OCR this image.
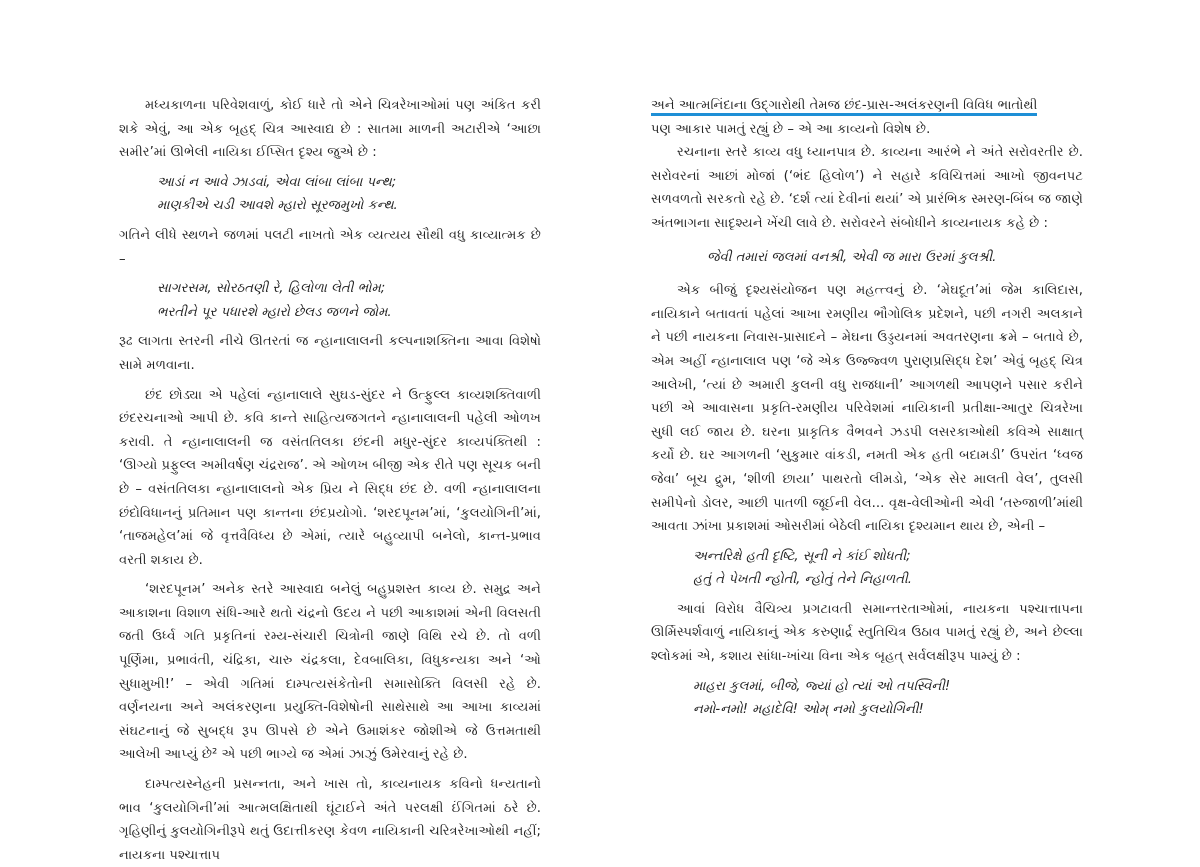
મધ્યકાળના પરિવેશવાળું, કોઈ ધારે તો એને ચિત્રરેખાઓમાં પણ અંકિત કરી શકે એવું, આ એક બૃહદ્ ચિત્ર આસ્વાદ્ય છે : સાતમા માળની અટારીએ ‘આછા સમીર’માં ઊભેલી નાયિકા ઈપ્સિત દૃશ્ય જુએ છે :

આડાં ન આવે ઝાડવાં, એવા લાંબા લાંબા પન્થ;
માણકીએ ચડી આવશે મ્હારો સૂરજમુખો કન્થ.

ગતિને લીધે સ્થળને જળમાં પલટી નાખતો એક વ્યત્યય સૌથી વધુ કાવ્યાત્મક છે –

સાગરસમ, સોરઠતણી રે, હિલોળા લેતી ભોમ;
ભરતીને પૂર પધારશે મ્હારો છેલડ જળને જોમ.

રૂઢ લાગતા સ્તરની નીચે ઊતરતાં જ ન્હાનાલાલની કલ્પનાશક્તિના આવા વિશેષો સામે મળવાના.

છંદ છોડ્યા એ પહેલાં ન્હાનાલાલે સુઘડ-સુંદર ને ઉત્ફુલ્લ કાવ્યશક્તિવાળી છંદરચનાઓ આપી છે. કવિ કાન્તે સાહિત્યજગતને ન્હાનાલાલની પહેલી ઓળખ કરાવી. તે ન્હાનાલાલની જ વસંતતિલકા છંદની મધુર-સુંદર કાવ્યપંક્તિથી : ‘ઊગ્યો પ્રફુલ્લ અમીવર્ષણ ચંદ્રરાજ’. એ ઓળખ બીજી એક રીતે પણ સૂચક બની છે – વસંતતિલકા ન્હાનાલાલનો એક પ્રિય ને સિદ્ધ છંદ છે. વળી ન્હાનાલાલના છંદોવિધાનનું પ્રતિમાન પણ કાન્તના છંદપ્રયોગો. ‘શરદપૂનમ’માં, ‘કુલયોગિની’માં, ‘તાજમહેલ’માં જે વૃત્તવૈવિધ્ય છે એમાં, ત્યારે બહુવ્યાપી બનેલો, કાન્ત-પ્રભાવ વરતી શકાય છે.

‘શરદપૂનમ’ અનેક સ્તરે આસ્વાદ્ય બનેલું બહુપ્રશસ્ત કાવ્ય છે. સમુદ્ર અને આકાશના વિશાળ સંધિ-આરે થતો ચંદ્રનો ઉદય ને પછી આકાશમાં એની વિલસતી જતી ઉર્ધ્વ ગતિ પ્રકૃતિનાં રમ્ય-સંચારી ચિત્રોની જાણે વિથિ રચે છે. તો વળી પૂર્ણિમા, પ્રભાવંતી, ચંદ્રિકા, ચારુ ચંદ્રકલા, દેવબાલિકા, વિધુકન્યકા અને ‘ઓ સુધામુખી!’ – એવી ગતિમાં દામ્પત્યસંકેતોની સમાસોક્તિ વિલસી રહે છે. વર્ણનયના અને અલંકરણના પ્રયુક્તિ-વિશેષોની સાથેસાથે આ આખા કાવ્યમાં સંઘટનાનું જે સુબદ્ધ રૂપ ઊપસે છે એને ઉમાશંકર જોશીએ જે ઉત્તમતાથી આલેખી આપ્યું છે² એ પછી ભાગ્યે જ એમાં ઝાઝું ઉમેરવાનું રહે છે.

દામ્પત્યસ્નેહની પ્રસન્નતા, અને ખાસ તો, કાવ્યનાયક કવિનો ધન્યતાનો ભાવ ‘કુલયોગિની’માં આત્મલક્ષિતાથી ઘૂંટાઈને અંતે પરલક્ષી ઈંગિતમાં ઠરે છે. ગૃહિણીનું કુલયોગિનીરૂપે થતું ઉદાત્તીકરણ કેવળ નાયિકાની ચરિત્રરેખાઓથી નહીં; નાયકના પશ્ચાત્તાપ

અને આત્મનિંદાના ઉદ્ગારોથી તેમજ છંદ-પ્રાસ-અલંકરણની વિવિધ ભાતોથી
પણ આકાર પામતું રહ્યું છે – એ આ કાવ્યનો વિશેષ છે.

રચનાના સ્તરે કાવ્ય વધુ ધ્યાનપાત્ર છે. કાવ્યના આરંભે ને અંતે સરોવરતીર છે. સરોવરનાં આછાં મોજાં (‘ભંદ હિલોળ’) ને સહારે કવિચિત્તમાં આખો જીવનપટ સળવળતો સરકતો રહે છે. ‘દર્શ ત્યાં દેવીનાં થયાં’ એ પ્રારંભિક સ્મરણ-બિંબ જ જાણે અંતભાગના સાદૃશ્યને ખેંચી લાવે છે. સરોવરને સંબોધીને કાવ્યનાયક કહે છે :

જેવી તમારાં જલમાં વનશ્રી, એવી જ મારા ઉરમાં કુલશ્રી.

એક બીજું દૃશ્યસંયોજન પણ મહત્ત્વનું છે. ‘મેઘદૂત’માં જેમ કાલિદાસ, નાયિકાને બતાવતાં પહેલાં આખા રમણીય ભૌગોલિક પ્રદેશને, પછી નગરી અલકાને ને પછી નાયકના નિવાસ-પ્રાસાદને – મેઘના ઉડ્ડયનમાં અવતરણના ક્રમે – બતાવે છે, એમ અહીં ન્હાનાલાલ પણ ‘જે એક ઉજ્જ્વળ પુરાણપ્રસિદ્ધ દેશ’ એવું બૃહદ્ ચિત્ર આલેખી, ‘ત્યાં છે અમારી કુલની વધુ રાજધાની’ આગળથી આપણને પસાર કરીને પછી એ આવાસના પ્રકૃતિ-રમણીય પરિવેશમાં નાયિકાની પ્રતીક્ષા-આતુર ચિત્રરેખા સુધી લઈ જાય છે. ઘરના પ્રાકૃતિક વૈભવને ઝડપી લસરકાઓથી કવિએ સાક્ષાત્ કર્યો છે. ઘર આગળની ‘સુકુમાર વાંકડી, નમતી એક હતી બદામડી’ ઉપરાંત ‘ધ્વજ જેવા’ બૂચ દ્રુમ, ‘શીળી છાયા’ પાથરતો લીમડો, ‘એક સેર માલતી વેલ’, તુલસી સમીપેનો ડોલર, આછી પાતળી જૂઈની વેલ... વૃક્ષ-વેલીઓની એવી ‘તરુજાળી’માંથી આવતા ઝાંખા પ્રકાશમાં ઓસરીમાં બેઠેલી નાયિકા દૃશ્યમાન થાય છે, એની –

અન્તરિક્ષે હતી દૃષ્ટિ, સૂની ને કાંઈ શોધતી;
હતું તે પેખતી ન્હોતી, ન્હોતું તેને નિહાળતી.

આવાં વિરોધ વૈચિત્ર્ય પ્રગટાવતી સમાન્તરતાઓમાં, નાયકના પશ્ચાત્તાપના ઊર્મિસ્પર્શવાળું નાયિકાનું એક કરુણાર્દ્ર સ્તુતિચિત્ર ઉઠાવ પામતું રહ્યું છે, અને છેલ્લા શ્લોકમાં એ, કશાય સાંધા-ખાંચા વિના એક બૃહત્ સર્વલક્ષીરૂપ પામ્યું છે :

માહરા કુલમાં, બીજે, જ્યાં હો ત્યાં ઓ તપસ્વિની!
નમો-નમો! મહાદેવિ! ઓમ્ નમો કુલયોગિની!
